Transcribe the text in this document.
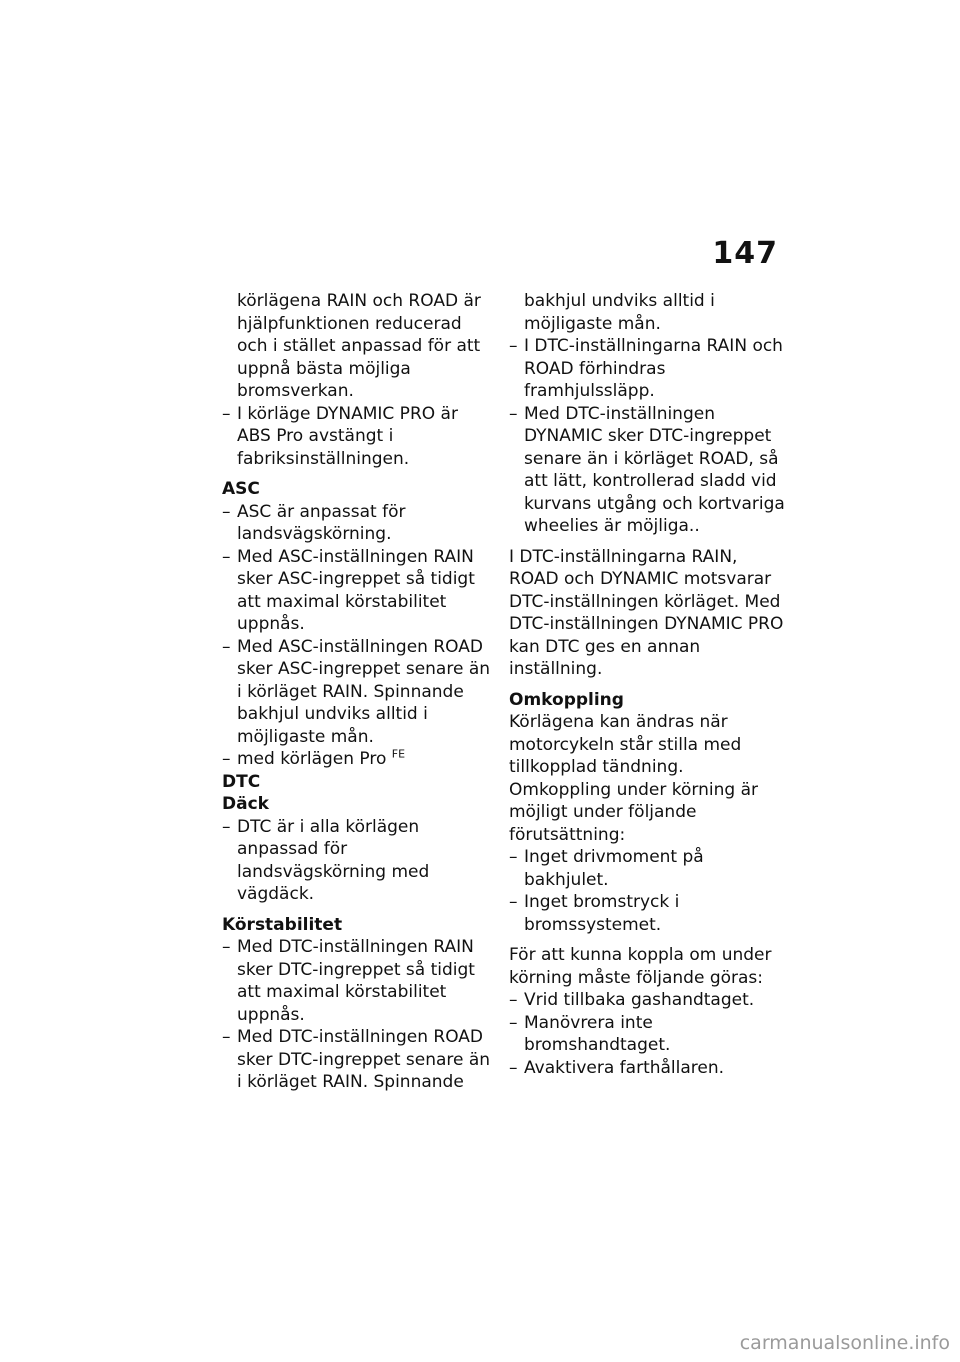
147

körlägena RAIN och ROAD är hjälpfunktionen reducerad och i stället anpassad för att uppnå bästa möjliga bromsverkan.

– I körläge DYNAMIC PRO är ABS Pro avstängt i fabriksinställningen.

ASC

– ASC är anpassat för landsvägskörning.
– Med ASC-inställningen RAIN sker ASC-ingreppet så tidigt att maximal körstabilitet uppnås.
– Med ASC-inställningen ROAD sker ASC-ingreppet senare än i körläget RAIN. Spinnande bakhjul undviks alltid i möjligaste mån.
– med körlägen Pro $^{FE}$

DTC

Däck

– DTC är i alla körlägen anpassad för landsvägskörning med vägdäck.

Körstabilitet

– Med DTC-inställningen RAIN sker DTC-ingreppet så tidigt att maximal körstabilitet uppnås.
– Med DTC-inställningen ROAD sker DTC-ingreppet senare än i körläget RAIN. Spinnande

bakhjul undviks alltid i möjligaste mån.

– I DTC-inställningarna RAIN och ROAD förhindras framhjulssläpp.
– Med DTC-inställningen DYNAMIC sker DTC-ingreppet senare än i körläget ROAD, så att lätt, kontrollerad sladd vid kurvans utgång och kortvariga wheelies är möjliga..

I DTC-inställningarna RAIN, ROAD och DYNAMIC motsvarar DTC-inställningen körläget. Med DTC-inställningen DYNAMIC PRO kan DTC ges en annan inställning.

Omkoppling

Körlägena kan ändras när motorcykeln står stilla med tillkopplad tändning. Omkoppling under körning är möjligt under följande förutsättning:

– Inget drivmoment på bakhjulet.
– Inget bromstryck i bromssystemet.

För att kunna koppla om under körning måste följande göras:

– Vrid tillbaka gashandtaget.
– Manövrera inte bromshandtaget.
– Avaktivera farthållaren.
carmanualsonline.info
